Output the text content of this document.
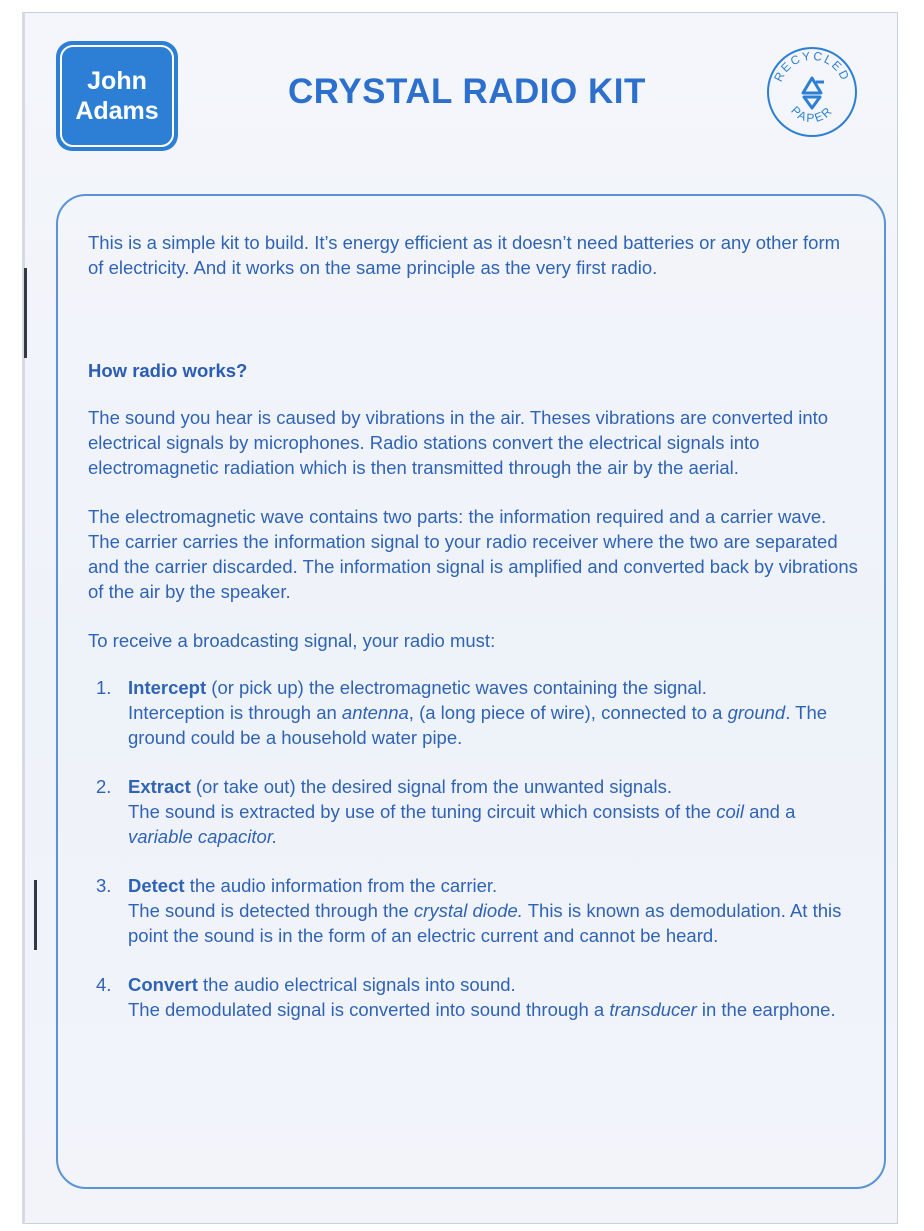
John
Adams	CRYSTAL RADIO KIT	RECYCLED
PAPER

This is a simple kit to build. It’s energy efficient as it doesn’t need batteries or any other form of electricity. And it works on the same principle as the very first radio.

How radio works?

The sound you hear is caused by vibrations in the air. Theses vibrations are converted into electrical signals by microphones. Radio stations convert the electrical signals into electromagnetic radiation which is then transmitted through the air by the aerial.

The electromagnetic wave contains two parts: the information required and a carrier wave. The carrier carries the information signal to your radio receiver where the two are separated and the carrier discarded. The information signal is amplified and converted back by vibrations of the air by the speaker.

To receive a broadcasting signal, your radio must:

1. Intercept (or pick up) the electromagnetic waves containing the signal.
Interception is through an antenna, (a long piece of wire), connected to a ground. The ground could be a household water pipe.
2. Extract (or take out) the desired signal from the unwanted signals.
The sound is extracted by use of the tuning circuit which consists of the coil and a variable capacitor.
3. Detect the audio information from the carrier.
The sound is detected through the crystal diode. This is known as demodulation. At this point the sound is in the form of an electric current and cannot be heard.
4. Convert the audio electrical signals into sound.
The demodulated signal is converted into sound through a transducer in the earphone.
